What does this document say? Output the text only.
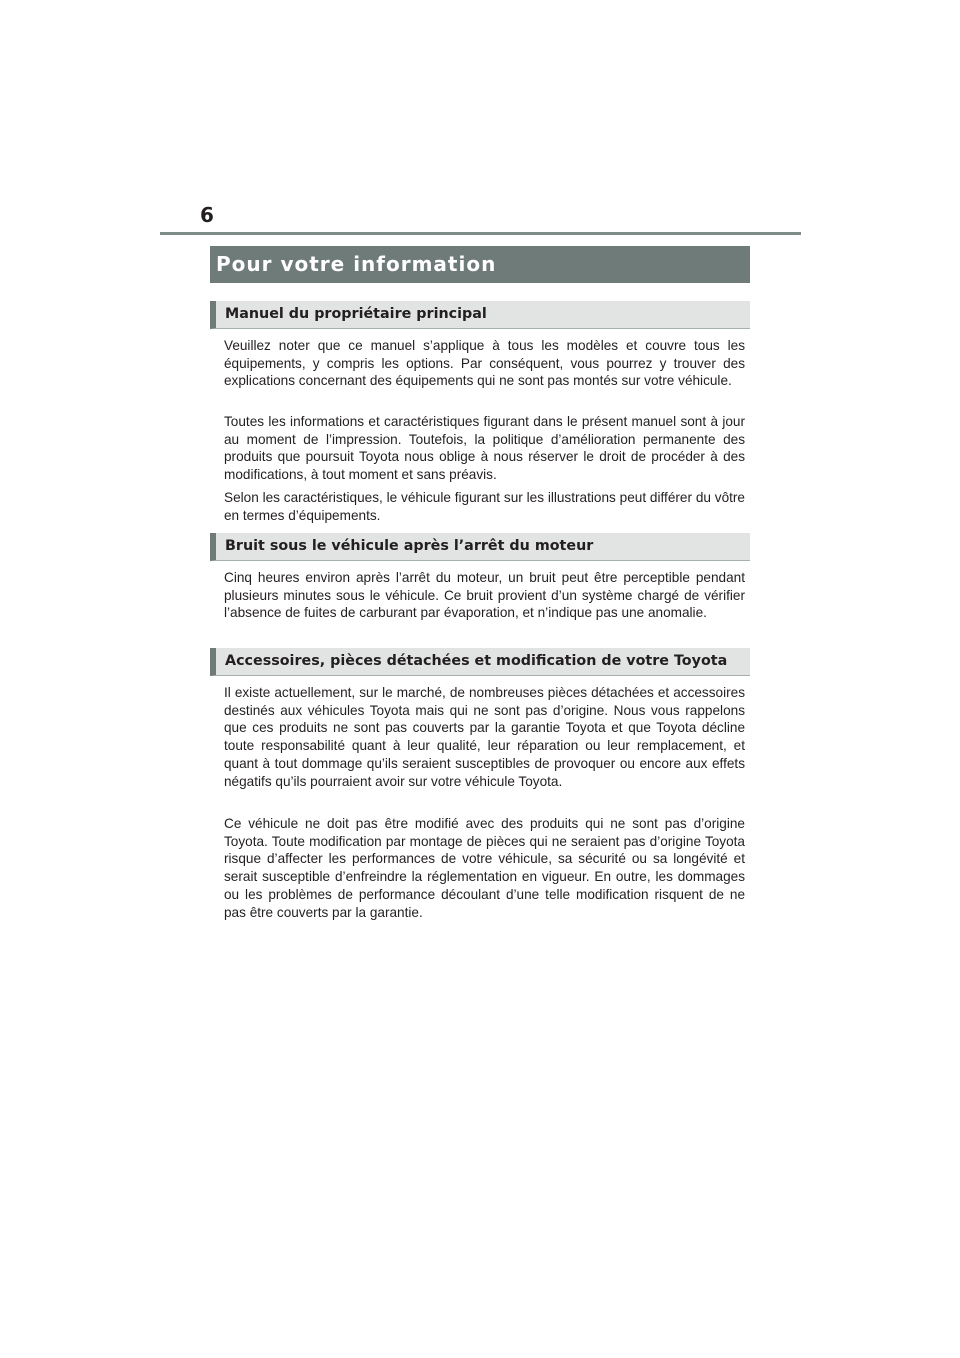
6
Pour votre information
Manuel du propriétaire principal

Veuillez noter que ce manuel s’applique à tous les modèles et couvre tous les équipements, y compris les options. Par conséquent, vous pourrez y trouver des explications concernant des équipements qui ne sont pas montés sur votre véhicule.

Toutes les informations et caractéristiques figurant dans le présent manuel sont à jour au moment de l’impression. Toutefois, la politique d’amélioration permanente des produits que poursuit Toyota nous oblige à nous réserver le droit de procéder à des modifications, à tout moment et sans préavis.

Selon les caractéristiques, le véhicule figurant sur les illustrations peut différer du vôtre en termes d’équipements.

Bruit sous le véhicule après l’arrêt du moteur

Cinq heures environ après l’arrêt du moteur, un bruit peut être perceptible pendant plusieurs minutes sous le véhicule. Ce bruit provient d’un système chargé de vérifier l’absence de fuites de carburant par évaporation, et n’indique pas une anomalie.

Accessoires, pièces détachées et modification de votre Toyota

Il existe actuellement, sur le marché, de nombreuses pièces détachées et accessoires destinés aux véhicules Toyota mais qui ne sont pas d’origine. Nous vous rappelons que ces produits ne sont pas couverts par la garantie Toyota et que Toyota décline toute responsabilité quant à leur qualité, leur réparation ou leur remplacement, et quant à tout dommage qu’ils seraient susceptibles de provoquer ou encore aux effets négatifs qu’ils pourraient avoir sur votre véhicule Toyota.

Ce véhicule ne doit pas être modifié avec des produits qui ne sont pas d’origine Toyota. Toute modification par montage de pièces qui ne seraient pas d’origine Toyota risque d’affecter les performances de votre véhicule, sa sécurité ou sa longévité et serait susceptible d’enfreindre la réglementation en vigueur. En outre, les dommages ou les problèmes de performance découlant d’une telle modification risquent de ne pas être couverts par la garantie.
